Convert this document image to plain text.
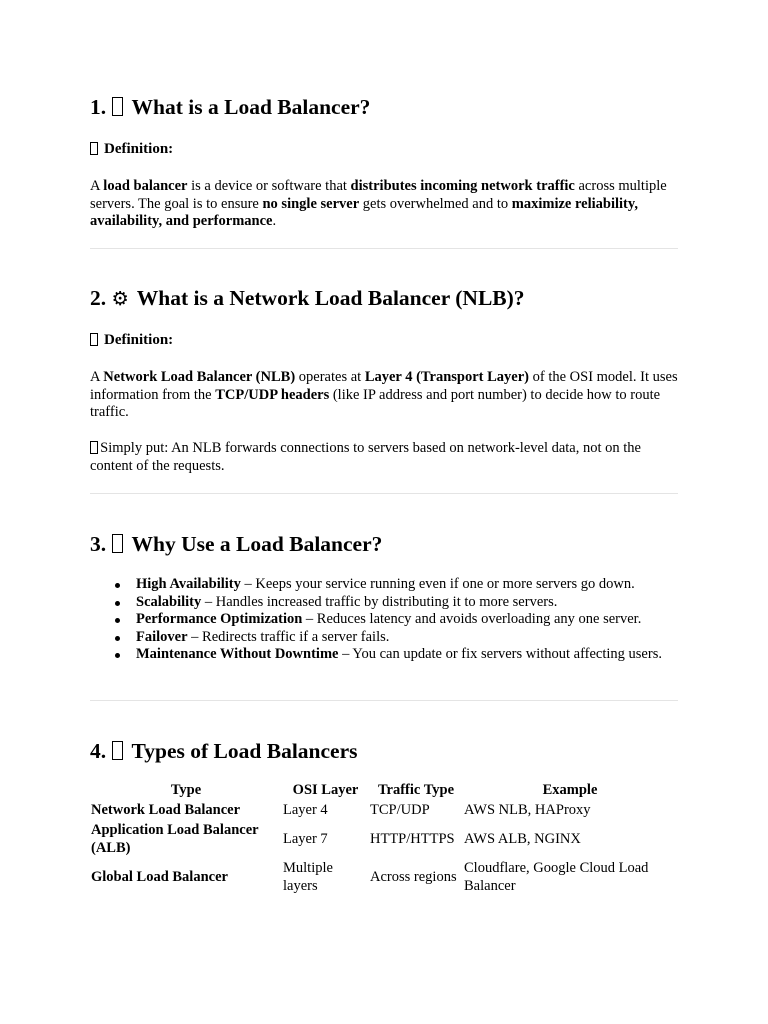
1. What is a Load Balancer?
Definition:

A load balancer is a device or software that distributes incoming network traffic across multiple servers. The goal is to ensure no single server gets overwhelmed and to maximize reliability, availability, and performance.

2. ⚙ What is a Network Load Balancer (NLB)?
Definition:

A Network Load Balancer (NLB) operates at Layer 4 (Transport Layer) of the OSI model. It uses information from the TCP/UDP headers (like IP address and port number) to decide how to route traffic.

Simply put: An NLB forwards connections to servers based on network-level data, not on the content of the requests.

3. Why Use a Load Balancer?
High Availability – Keeps your service running even if one or more servers go down.
Scalability – Handles increased traffic by distributing it to more servers.
Performance Optimization – Reduces latency and avoids overloading any one server.
Failover – Redirects traffic if a server fails.
Maintenance Without Downtime – You can update or fix servers without affecting users.
4. Types of Load Balancers
Type	OSI Layer	Traffic Type	Example
Network Load Balancer	Layer 4	TCP/UDP	AWS NLB, HAProxy
Application Load Balancer (ALB)	Layer 7	HTTP/HTTPS	AWS ALB, NGINX
Global Load Balancer	Multiple layers	Across regions	Cloudflare, Google Cloud Load Balancer
